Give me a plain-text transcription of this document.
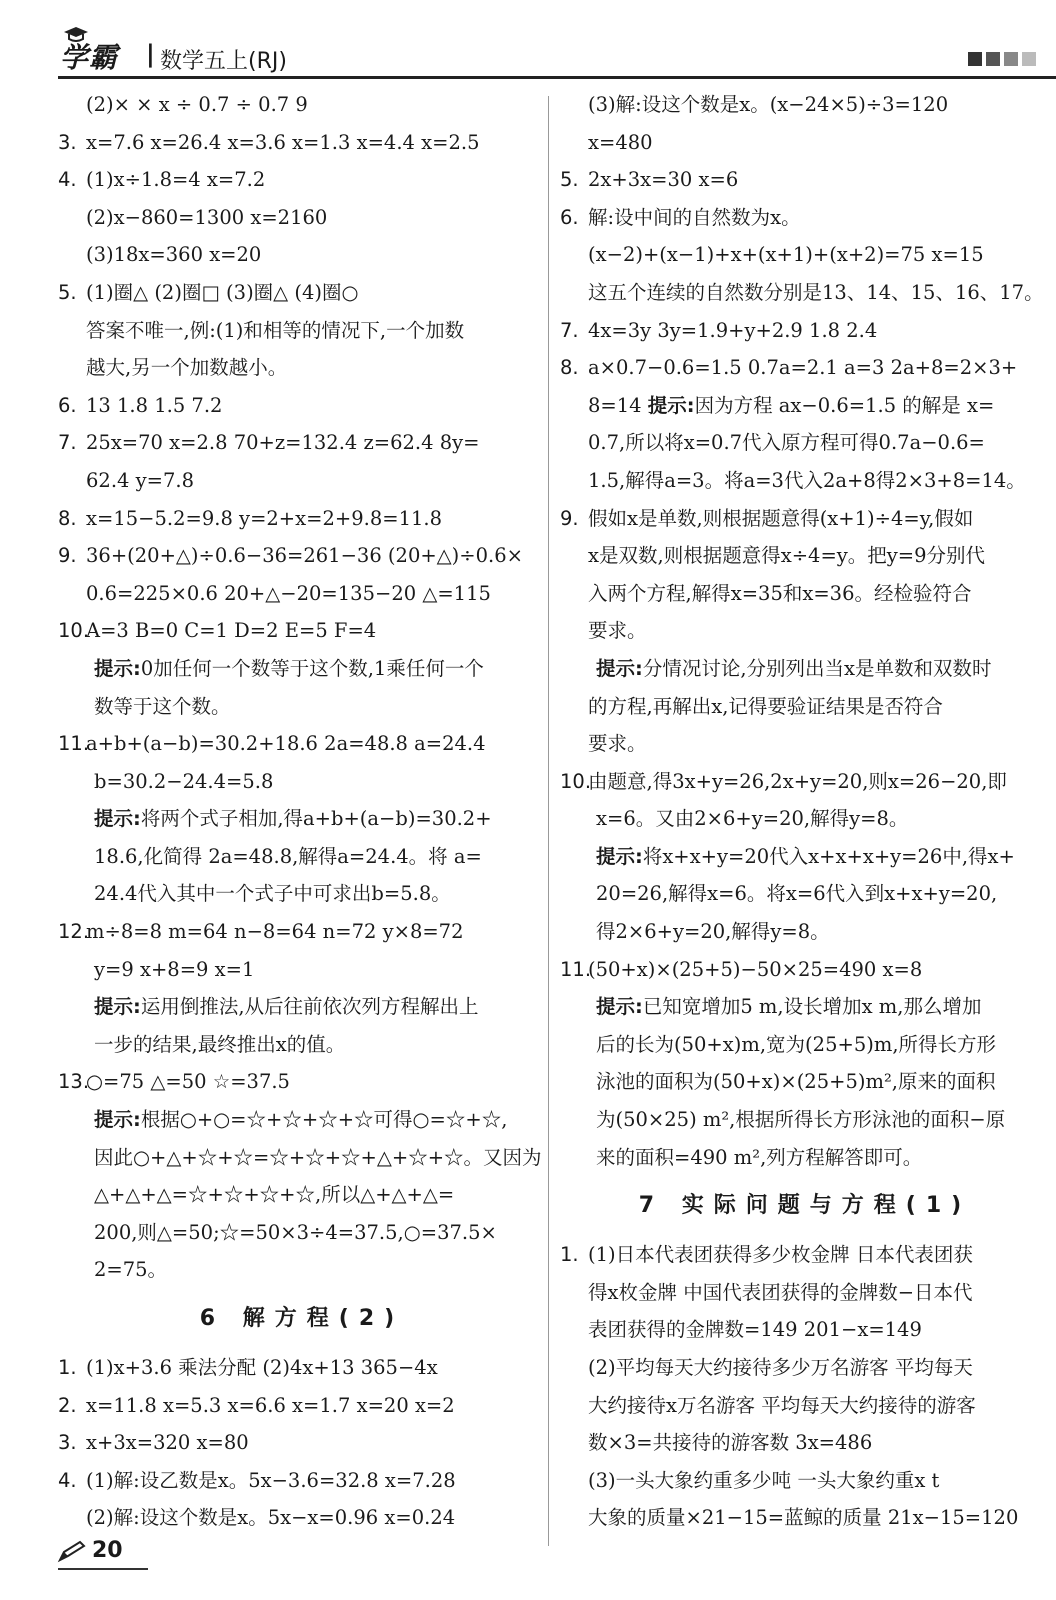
学霸 | 数学五上(RJ)
(2)× × x ÷ 0.7 ÷ 0.7 9
3. x=7.6 x=26.4 x=3.6 x=1.3 x=4.4 x=2.5
4. (1)x÷1.8=4 x=7.2
(2)x−860=1300 x=2160
(3)18x=360 x=20
5. (1)圈△ (2)圈□ (3)圈△ (4)圈○
答案不唯一,例:(1)和相等的情况下,一个加数
越大,另一个加数越小。
6. 13 1.8 1.5 7.2
7. 25x=70 x=2.8 70+z=132.4 z=62.4 8y=
62.4 y=7.8
8. x=15−5.2=9.8 y=2+x=2+9.8=11.8
9. 36+(20+△)÷0.6−36=261−36 (20+△)÷0.6×
0.6=225×0.6 20+△−20=135−20 △=115
10.A=3 B=0 C=1 D=2 E=5 F=4
提示:0加任何一个数等于这个数,1乘任何一个
数等于这个数。
11.a+b+(a−b)=30.2+18.6 2a=48.8 a=24.4
b=30.2−24.4=5.8
提示:将两个式子相加,得a+b+(a−b)=30.2+
18.6,化简得 2a=48.8,解得a=24.4。将 a=
24.4代入其中一个式子中可求出b=5.8。
12.m÷8=8 m=64 n−8=64 n=72 y×8=72
y=9 x+8=9 x=1
提示:运用倒推法,从后往前依次列方程解出上
一步的结果,最终推出x的值。
13.○=75 △=50 ☆=37.5
提示:根据○+○=☆+☆+☆+☆可得○=☆+☆,
因此○+△+☆+☆=☆+☆+☆+△+☆+☆。又因为
△+△+△=☆+☆+☆+☆,所以△+△+△=
200,则△=50;☆=50×3÷4=37.5,○=37.5×
2=75。
6 解方程(2)
1. (1)x+3.6 乘法分配 (2)4x+13 365−4x
2. x=11.8 x=5.3 x=6.6 x=1.7 x=20 x=2
3. x+3x=320 x=80
4. (1)解:设乙数是x。5x−3.6=32.8 x=7.28
(2)解:设这个数是x。5x−x=0.96 x=0.24
(3)解:设这个数是x。(x−24×5)÷3=120
x=480
5. 2x+3x=30 x=6
6. 解:设中间的自然数为x。
(x−2)+(x−1)+x+(x+1)+(x+2)=75 x=15
这五个连续的自然数分别是13、14、15、16、17。
7. 4x=3y 3y=1.9+y+2.9 1.8 2.4
8. a×0.7−0.6=1.5 0.7a=2.1 a=3 2a+8=2×3+
8=14 提示:因为方程 ax−0.6=1.5 的解是 x=
0.7,所以将x=0.7代入原方程可得0.7a−0.6=
1.5,解得a=3。将a=3代入2a+8得2×3+8=14。
9. 假如x是单数,则根据题意得(x+1)÷4=y,假如
x是双数,则根据题意得x÷4=y。把y=9分别代
入两个方程,解得x=35和x=36。经检验符合
要求。
提示:分情况讨论,分别列出当x是单数和双数时
的方程,再解出x,记得要验证结果是否符合
要求。
10.由题意,得3x+y=26,2x+y=20,则x=26−20,即
x=6。又由2×6+y=20,解得y=8。
提示:将x+x+y=20代入x+x+x+y=26中,得x+
20=26,解得x=6。将x=6代入到x+x+y=20,
得2×6+y=20,解得y=8。
11.(50+x)×(25+5)−50×25=490 x=8
提示:已知宽增加5 m,设长增加x m,那么增加
后的长为(50+x)m,宽为(25+5)m,所得长方形
泳池的面积为(50+x)×(25+5)m²,原来的面积
为(50×25) m²,根据所得长方形泳池的面积−原
来的面积=490 m²,列方程解答即可。
7 实际问题与方程(1)
1. (1)日本代表团获得多少枚金牌 日本代表团获
得x枚金牌 中国代表团获得的金牌数−日本代
表团获得的金牌数=149 201−x=149
(2)平均每天大约接待多少万名游客 平均每天
大约接待x万名游客 平均每天大约接待的游客
数×3=共接待的游客数 3x=486
(3)一头大象约重多少吨 一头大象约重x t
大象的质量×21−15=蓝鲸的质量 21x−15=120
20
